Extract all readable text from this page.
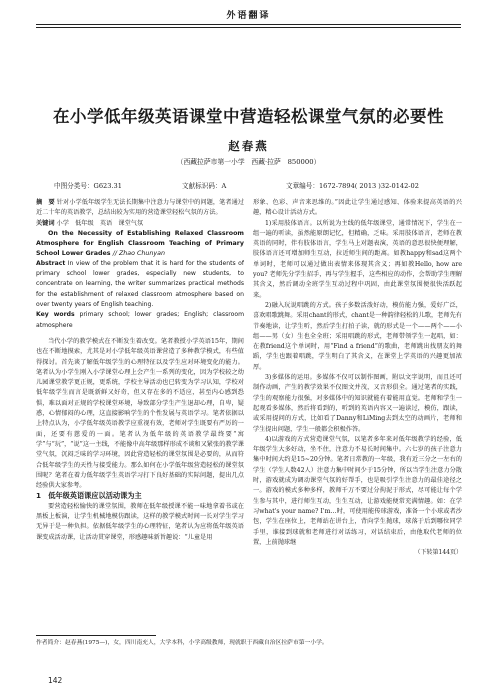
外语翻译
在小学低年级英语课堂中营造轻松课堂气氛的必要性
赵春燕
（西藏拉萨市第一小学　西藏·拉萨　850000）
中图分类号：G623.31	文献标识码：A	文章编号：1672-7894( 2013 )32-0142-02

摘　要 针对小学低年级学生无法长期集中注意力与课堂中的问题，笔者通过近二十年的英语教学，总结出较为实用的营造课堂轻松气氛的方法。

关键词 小学　低年级　英语　课堂气氛

On the Necessity of Establishing Relaxed Classroom Atmosphere for English Classroom Teaching of Primary School Lower Grades // Zhao Chunyan

Abstract In view of the problem that it is hard for the students of primary school lower grades, especially new students, to concentrate on learning, the writer summarizes practical methods for the establishment of relaxed classroom atmosphere based on over twenty years of English teaching.

Key words primary school; lower grades; English; classroom atmosphere

当代小学的教学模式在不断发生着改变。笔者教授小学英语15年，期间也在不断地摸索，尤其是对小学低年级英语课营造了多种教学模式，有些值得探讨。首先谈了解低年级学生的心理特征以及学生应对环境变化的能力。笔者认为小学生刚入小学课堂心理上会产生一系列的变化，因为学校较之幼儿园课堂教学更正规，更系统，学校主导活动也已转变为学习认知，学校对低年级学生而言是既新鲜又好奇，但又存在多的不适应，甚至内心感到恐惧，难以面对正规的学校课堂环境，导致部分学生产生退却心理，自卑，疑惑，心情郁闷的心理，这直接影响学生的个性发展与英语学习。笔者依据以上特点认为，小学低年级英语教学应重视有效，老师对学生既要有严厉的一面，还要有慈爱的一面。笔者认为低年级的英语教学最终要“寓学”与“玩”，“说”这一主线，不能像中高年级那样形成不谈和又紧张的教学课堂气氛，沉闷乏味的学习环境，因此营造轻松的课堂氛围是必要的，从而符合低年级学生的天性与接受能力。那么如何在小学低年级营造轻松的课堂氛围呢？笔者在着力低年级学生英语学习打下良好基础的实际问题，提出几点经验供大家参考。

1　低年级英语课应以活动课为主

要营造轻松愉快的课堂氛围，教师在低年级授课不能一味地拿着书或在黑板上板演，让学生机械地模仿跟读，这样的教学模式时间一长对学生学习无异于是一种负担。依据低年级学生的心理特征，笔者认为应将低年级英语课变成活动课，让活动贯穿课堂，形感趣味新旨趣说：“儿童是用

形象、色彩、声音来思维的。”因此让学生通过感知、体验来提高英语的兴趣，精心设计活动方式。

1)采用肢体语言。以所说为主线的低年级课堂，通常情况下，学生在一组一遍的听读，虽然能原朗记忆，但精确，乏味。采用肢体语言，老师在教英语的同时，伴有肢体语言，学生马上对题表演，英语的意思很快便理解，肢体语言还可增加师生互动，拉近师生间的距离。如教happy和sad这两个单词时，老师可以通过做出表情来体现其含义；再如教Hello, how are you? 老师先分学生招手，再与学生握手，这些相应的动作，会帮助学生理解其含义，然后调动全班学生互动过程中巩固，由此课堂氛围便很快活跃起来。

2)融入玩说唱跳的方式。孩子多数活泼好动，模仿能力强，爱好广泛，喜欢唱歌跳舞。采用chant的形式，chant是一种韵律轻松的儿歌，老师先有节奏地读，让学生听，然后学生打拍子读，就的形式是一个——两个——小组——男（女）生也全全班；采用唱跳的形式，老师带领学生一起唱，如：在教friend这个单词时，用“Find a friend”的歌曲，老师跳出找朋友的舞蹈，学生也跟着唱跳，学生明白了其含义，在课堂上学英语的兴趣更加浓厚。

3)多媒体的运用。多媒体不仅可以制作图画，附以文字说明，而且还可制作动画，产生的教学效果不仅图文并茂，又音形俱全。通过笔者的实践，学生的观察能力很强，对多媒体中的知识就能有着能用直觉。老师和学生一起观看多媒体，然后将看到的，听到的英语内容又一遍读过，模仿，跟读，或采用提问的方式，比如看了Danny和LiMing去到太空的动画片，老师和学生提出问题，学生一般都会积极作答。

4)以游戏的方式营造课堂气氛，以笔者多年来对低年级教学的经验，低年级学生大多好动，坐不住，注意力不易长时间集中。六七岁的孩子注意力集中时间大约是15~20分钟。笔者日常教的一年级，我有近三分之一左右的学生（学生人数42人）注意力集中时间少于15分钟，所以当学生注意力分散时，游戏就成为调动课堂气氛的好帮手，也是吸引学生注意力的最佳途径之一。游戏的模式多种多样，教师千万不要过分拘泥于形式，尽可能让每个学生参与其中，进行师生互动，生生互动，让游戏能便常充满情趣。如：在学习what's your name? I'm…时，可使用能传球游戏，准备一个小球或者沙包，学生在座位上，老师站在讲台上，背向学生抛球，球落于后到哪位同学手里，谁接到球就和老师进行对话练习，对话结束后，由他取代老师的位置，上前抛球继

（下转第144页）

作者简介：赵春燕(1975—)，女，四川南充人，大学本科，小学高级教师，现就职于西藏自治区拉萨市第一小学。
142
